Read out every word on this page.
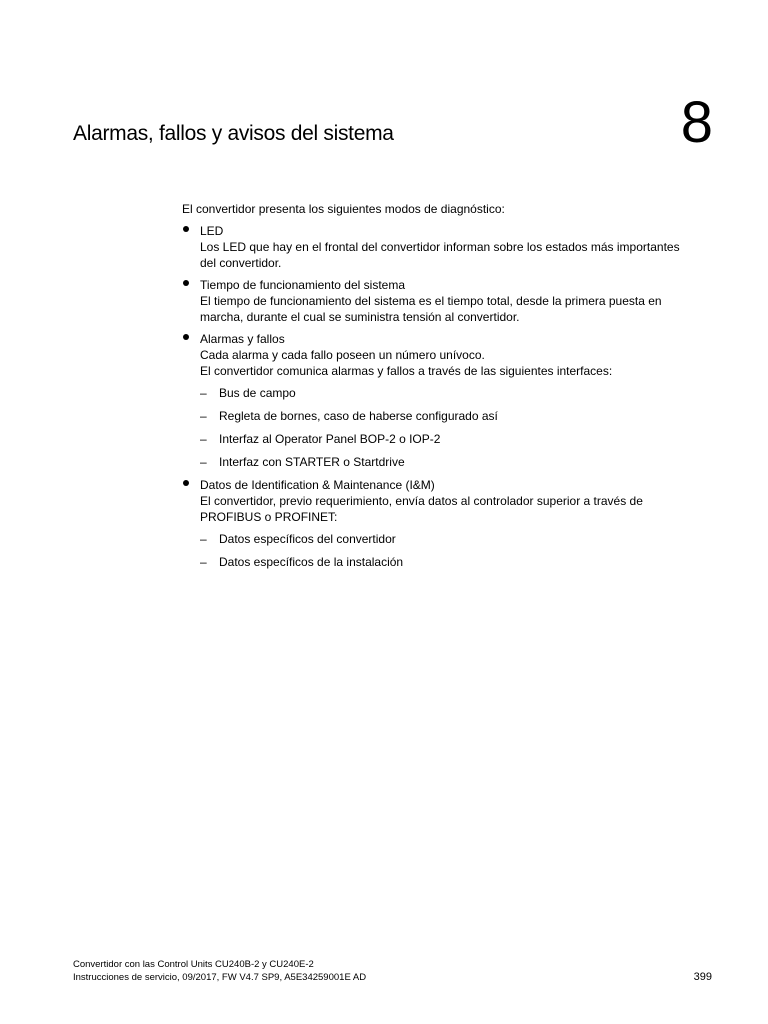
Alarmas, fallos y avisos del sistema	8

El convertidor presenta los siguientes modos de diagnóstico:

LED
Los LED que hay en el frontal del convertidor informan sobre los estados más importantes
del convertidor.
Tiempo de funcionamiento del sistema
El tiempo de funcionamiento del sistema es el tiempo total, desde la primera puesta en
marcha, durante el cual se suministra tensión al convertidor.
Alarmas y fallos
Cada alarma y cada fallo poseen un número unívoco.
El convertidor comunica alarmas y fallos a través de las siguientes interfaces:
– Bus de campo
– Regleta de bornes, caso de haberse configurado así
– Interfaz al Operator Panel BOP-2 o IOP-2
– Interfaz con STARTER o Startdrive
Datos de Identification & Maintenance (I&M)
El convertidor, previo requerimiento, envía datos al controlador superior a través de
PROFIBUS o PROFINET:
– Datos específicos del convertidor
– Datos específicos de la instalación
Convertidor con las Control Units CU240B-2 y CU240E-2
Instrucciones de servicio, 09/2017, FW V4.7 SP9, A5E34259001E AD	399
